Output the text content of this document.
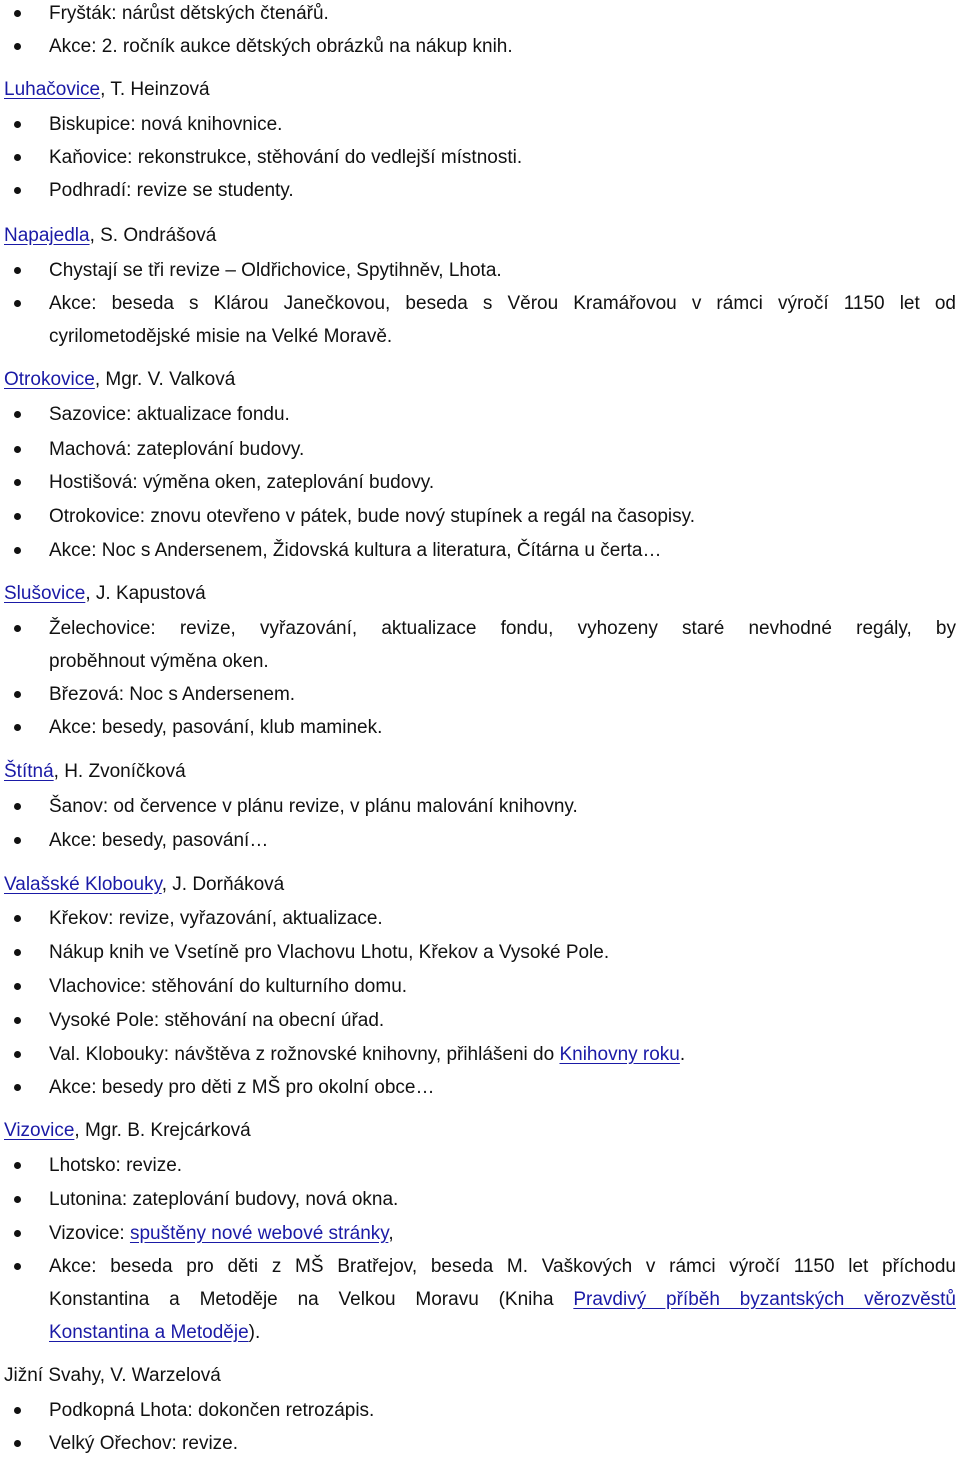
Fryšták: nárůst dětských čtenářů.
Akce: 2. ročník aukce dětských obrázků na nákup knih.
Luhačovice, T. Heinzová
Biskupice: nová knihovnice.
Kaňovice: rekonstrukce, stěhování do vedlejší místnosti.
Podhradí: revize se studenty.
Napajedla, S. Ondrášová
Chystají se tři revize – Oldřichovice, Spytihněv, Lhota.
Akce: beseda s Klárou Janečkovou, beseda s Věrou Kramářovou v rámci výročí 1150 let od
cyrilometodějské misie na Velké Moravě.
Otrokovice, Mgr. V. Valková
Sazovice: aktualizace fondu.
Machová: zateplování budovy.
Hostišová: výměna oken, zateplování budovy.
Otrokovice: znovu otevřeno v pátek, bude nový stupínek a regál na časopisy.
Akce: Noc s Andersenem, Židovská kultura a literatura, Čítárna u čerta…
Slušovice, J. Kapustová
Želechovice: revize, vyřazování, aktualizace fondu, vyhozeny staré nevhodné regály, by
proběhnout výměna oken.
Březová: Noc s Andersenem.
Akce: besedy, pasování, klub maminek.
Štítná, H. Zvoníčková
Šanov: od července v plánu revize, v plánu malování knihovny.
Akce: besedy, pasování…
Valašské Klobouky, J. Dorňáková
Křekov: revize, vyřazování, aktualizace.
Nákup knih ve Vsetíně pro Vlachovu Lhotu, Křekov a Vysoké Pole.
Vlachovice: stěhování do kulturního domu.
Vysoké Pole: stěhování na obecní úřad.
Val. Klobouky: návštěva z rožnovské knihovny, přihlášeni do Knihovny roku.
Akce: besedy pro děti z MŠ pro okolní obce…
Vizovice, Mgr. B. Krejcárková
Lhotsko: revize.
Lutonina: zateplování budovy, nová okna.
Vizovice: spuštěny nové webové stránky,
Akce: beseda pro děti z MŠ Bratřejov, beseda M. Vaškových v rámci výročí 1150 let příchodu
Konstantina a Metoděje na Velkou Moravu (Kniha Pravdivý příběh byzantských věrozvěstů
Konstantina a Metoděje).
Jižní Svahy, V. Warzelová
Podkopná Lhota: dokončen retrozápis.
Velký Ořechov: revize.
